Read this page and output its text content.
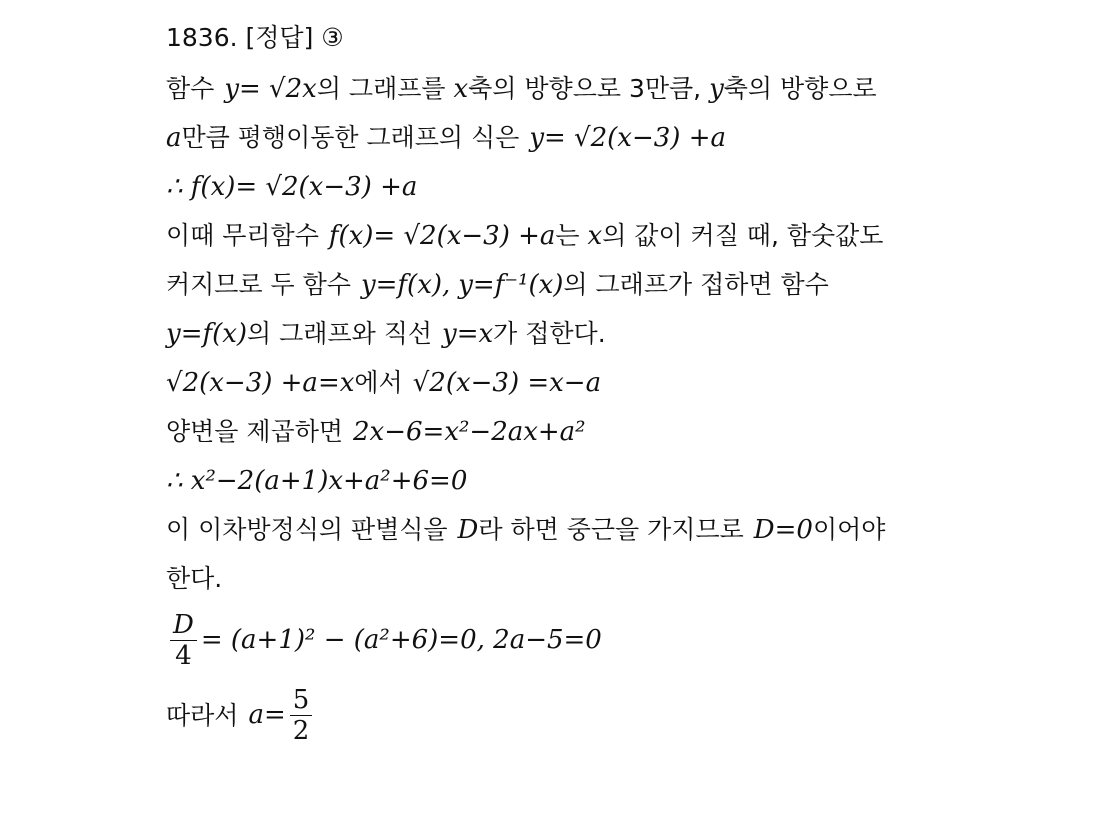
1836. [정답] ③
함수 y= √2x의 그래프를 x축의 방향으로 3만큼, y축의 방향으로
a만큼 평행이동한 그래프의 식은 y= √2(x−3) +a
∴ f(x)= √2(x−3) +a
이때 무리함수 f(x)= √2(x−3) +a는 x의 값이 커질 때, 함숫값도
커지므로 두 함수 y=f(x), y=f⁻¹(x)의 그래프가 접하면 함수
y=f(x)의 그래프와 직선 y=x가 접한다.
√2(x−3) +a=x에서 √2(x−3) =x−a
양변을 제곱하면 2x−6=x²−2ax+a²
∴ x²−2(a+1)x+a²+6=0
이 이차방정식의 판별식을 D라 하면 중근을 가지므로 D=0이어야
한다.
$\frac{D}{4} = (a+1)^2 - (a^2+6)=0$, 2a−5=0
따라서 $a= \frac{5}{2}$
